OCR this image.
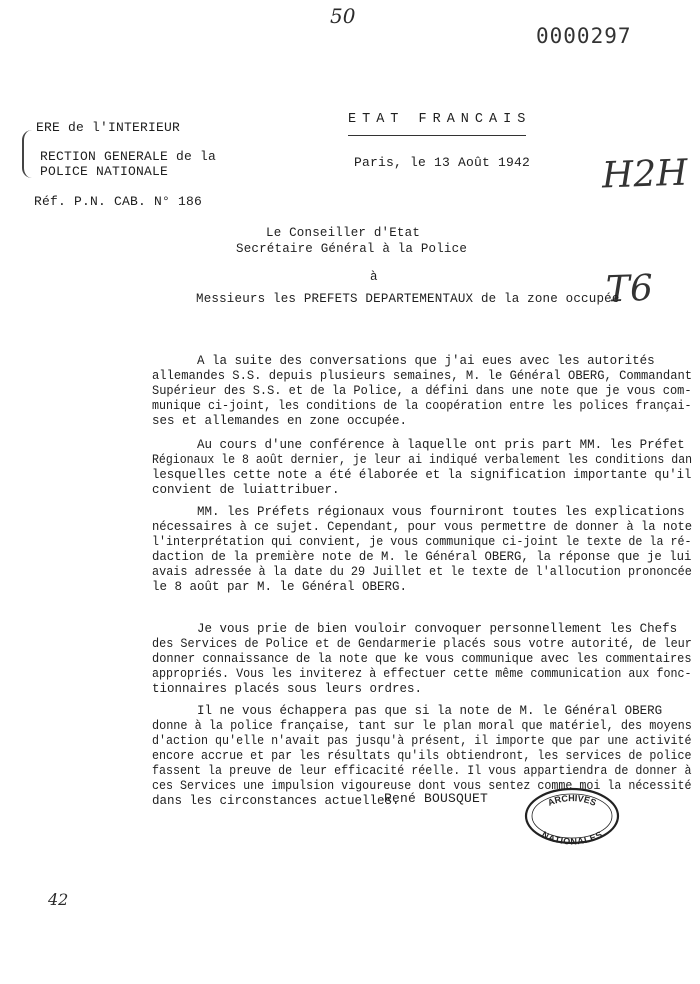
50
0000297

H2H

T6

ERE de l'INTERIEUR
RECTION GENERALE de la
POLICE NATIONALE
Réf. P.N. CAB. N° 186
ETAT FRANCAIS
Paris, le 13 Août 1942
Le Conseiller d'Etat
Secrétaire Général à la Police
à
Messieurs les PREFETS DEPARTEMENTAUX de la zone occupée
A la suite des conversations que j'ai eues avec les autorités
allemandes S.S. depuis plusieurs semaines, M. le Général OBERG, Commandant
Supérieur des S.S. et de la Police, a défini dans une note que je vous com-
munique ci-joint, les conditions de la coopération entre les polices françai-
ses et allemandes en zone occupée.
Au cours d'une conférence à laquelle ont pris part MM. les Préfet
Régionaux le 8 août dernier, je leur ai indiqué verbalement les conditions dan
lesquelles cette note a été élaborée et la signification importante qu'il
convient de luiattribuer.
MM. les Préfets régionaux vous fourniront toutes les explications
nécessaires à ce sujet. Cependant, pour vous permettre de donner à la note
l'interprétation qui convient, je vous communique ci-joint le texte de la ré-
daction de la première note de M. le Général OBERG, la réponse que je lui
avais adressée à la date du 29 Juillet et le texte de l'allocution prononcée
le 8 août par M. le Général OBERG.
Je vous prie de bien vouloir convoquer personnellement les Chefs
des Services de Police et de Gendarmerie placés sous votre autorité, de leur
donner connaissance de la note que ke vous communique avec les commentaires
appropriés. Vous les inviterez à effectuer cette même communication aux fonc-
tionnaires placés sous leurs ordres.
Il ne vous échappera pas que si la note de M. le Général OBERG
donne à la police française, tant sur le plan moral que matériel, des moyens
d'action qu'elle n'avait pas jusqu'à présent, il importe que par une activité
encore accrue et par les résultats qu'ils obtiendront, les services de police
fassent la preuve de leur efficacité réelle. Il vous appartiendra de donner à
ces Services une impulsion vigoureuse dont vous sentez comme moi la nécessité
dans les circonstances actuelles.
René BOUSQUET	ARCHIVES
NATIONALES
42
